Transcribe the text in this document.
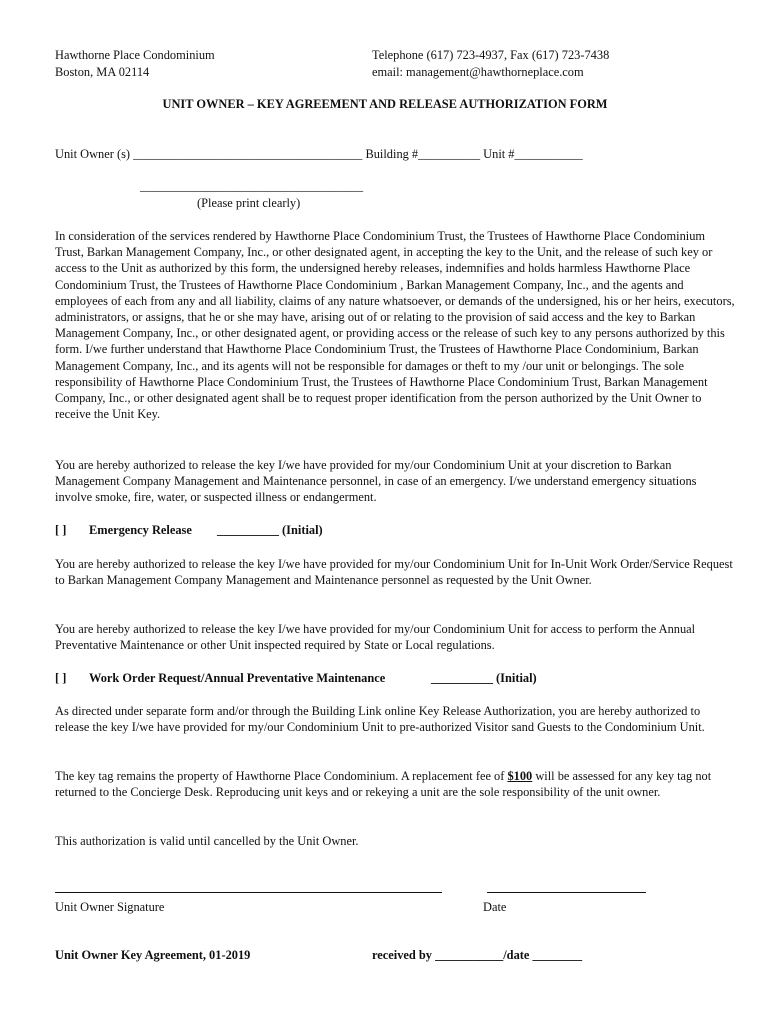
Hawthorne Place Condominium
Boston, MA 02114
Telephone (617) 723-4937, Fax (617) 723-7438
email: management@hawthorneplace.com
UNIT OWNER – KEY AGREEMENT AND RELEASE AUTHORIZATION FORM
Unit Owner (s) _____________________________________ Building #__________ Unit #___________
____________________________________
(Please print clearly)
In consideration of the services rendered by Hawthorne Place Condominium Trust, the Trustees of Hawthorne Place Condominium Trust, Barkan Management Company, Inc., or other designated agent, in accepting the key to the Unit, and the release of such key or access to the Unit as authorized by this form, the undersigned hereby releases, indemnifies and holds harmless Hawthorne Place Condominium Trust, the Trustees of Hawthorne Place Condominium , Barkan Management Company, Inc., and the agents and employees of each from any and all liability, claims of any nature whatsoever, or demands of the undersigned, his or her heirs, executors, administrators, or assigns, that he or she may have, arising out of or relating to the provision of said access and the key to Barkan Management Company, Inc., or other designated agent, or providing access or the release of such key to any persons authorized by this form. I/we further understand that Hawthorne Place Condominium Trust, the Trustees of Hawthorne Place Condominium, Barkan Management Company, Inc., and its agents will not be responsible for damages or theft to my /our unit or belongings. The sole responsibility of Hawthorne Place Condominium Trust, the Trustees of Hawthorne Place Condominium Trust, Barkan Management Company, Inc., or other designated agent shall be to request proper identification from the person authorized by the Unit Owner to receive the Unit Key.
You are hereby authorized to release the key I/we have provided for my/our Condominium Unit at your discretion to Barkan Management Company Management and Maintenance personnel, in case of an emergency. I/we understand emergency situations involve smoke, fire, water, or suspected illness or endangerment.
[ ] Emergency Release __________ (Initial)
You are hereby authorized to release the key I/we have provided for my/our Condominium Unit for In-Unit Work Order/Service Request to Barkan Management Company Management and Maintenance personnel as requested by the Unit Owner.
You are hereby authorized to release the key I/we have provided for my/our Condominium Unit for access to perform the Annual Preventative Maintenance or other Unit inspected required by State or Local regulations.
[ ] Work Order Request/Annual Preventative Maintenance	__________ (Initial)
As directed under separate form and/or through the Building Link online Key Release Authorization, you are hereby authorized to release the key I/we have provided for my/our Condominium Unit to pre-authorized Visitor sand Guests to the Condominium Unit.
The key tag remains the property of Hawthorne Place Condominium. A replacement fee of $100 will be assessed for any key tag not returned to the Concierge Desk. Reproducing unit keys and or rekeying a unit are the sole responsibility of the unit owner.
This authorization is valid until cancelled by the Unit Owner.
Unit Owner Signature	Date
Unit Owner Key Agreement, 01-2019	received by ___________/date ________
